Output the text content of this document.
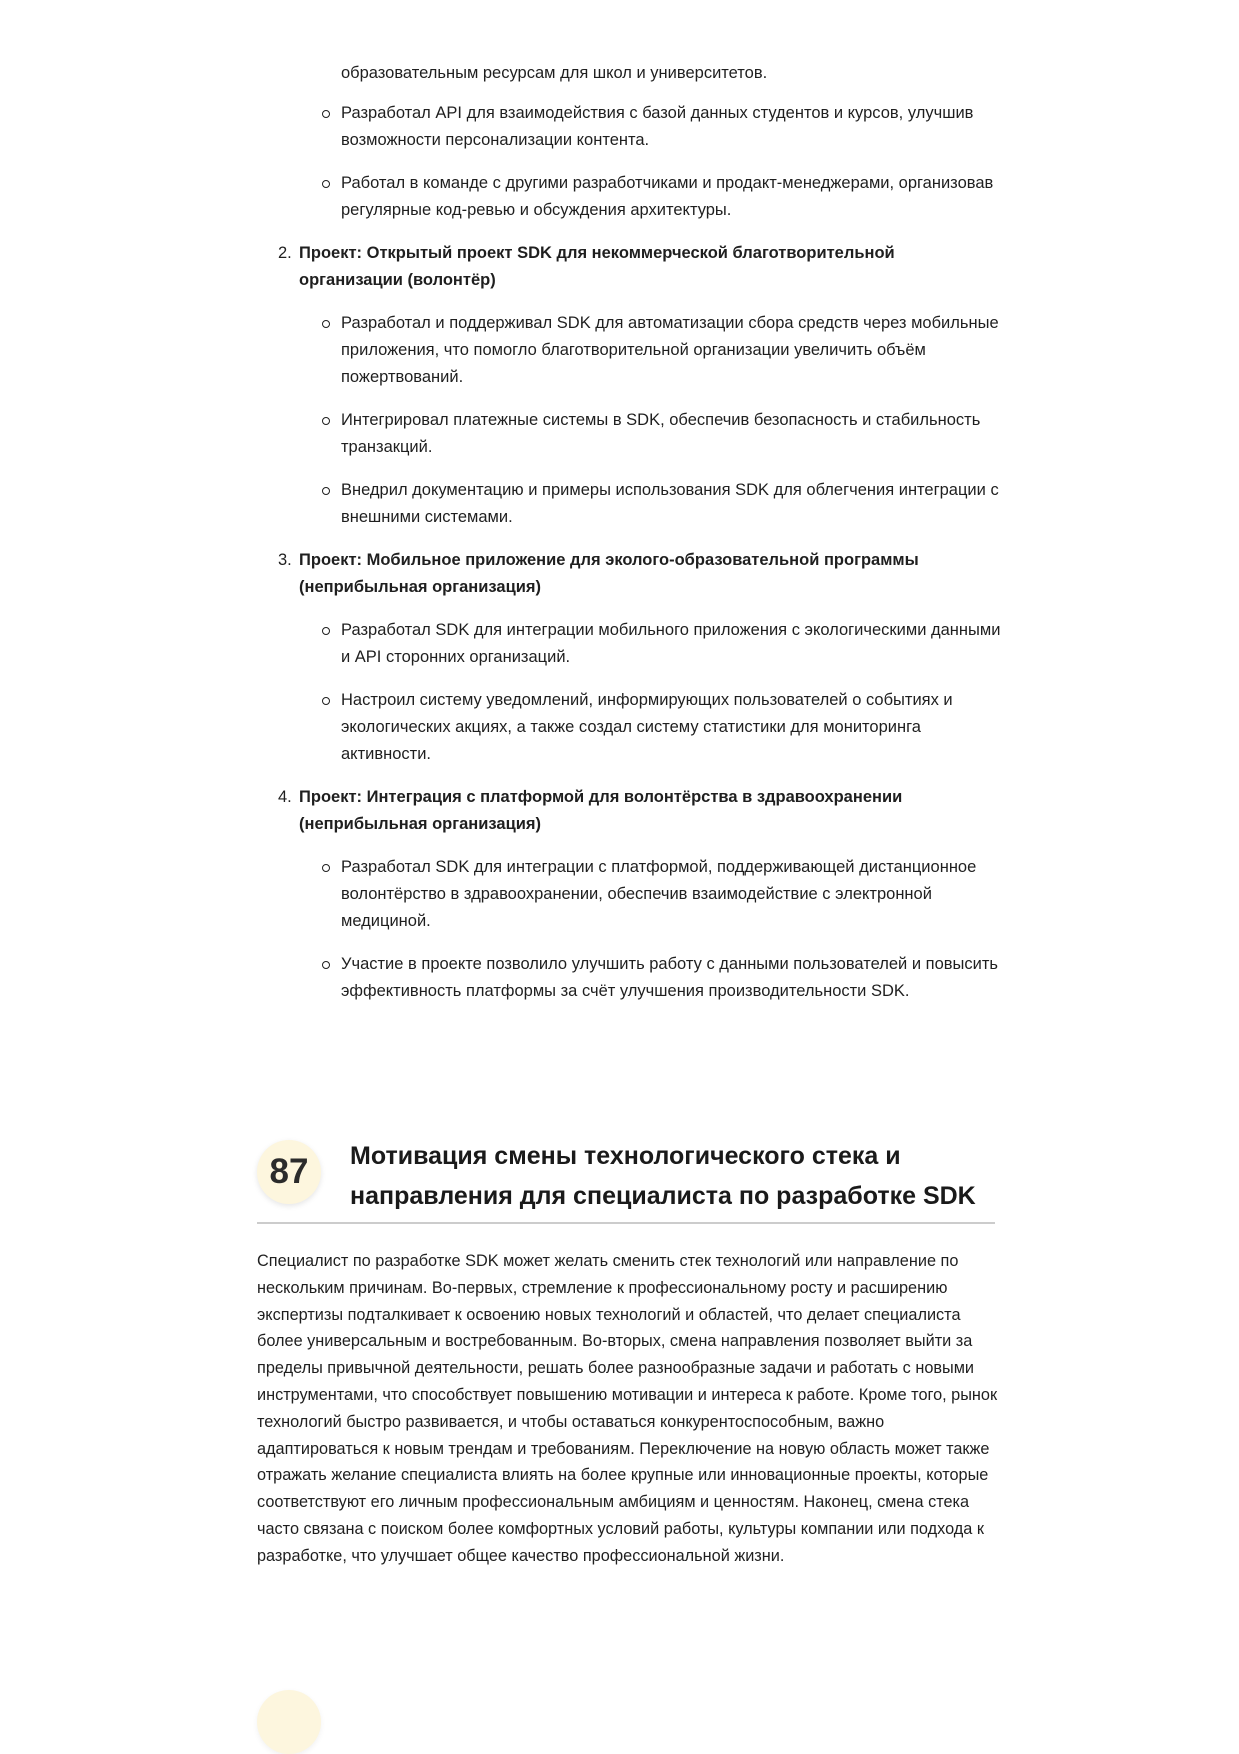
образовательным ресурсам для школ и университетов.

Разработал API для взаимодействия с базой данных студентов и курсов, улучшив возможности персонализации контента.

Работал в команде с другими разработчиками и продакт-менеджерами, организовав регулярные код-ревью и обсуждения архитектуры.

2. Проект: Открытый проект SDK для некоммерческой благотворительной организации (волонтёр)

Разработал и поддерживал SDK для автоматизации сбора средств через мобильные приложения, что помогло благотворительной организации увеличить объём пожертвований.

Интегрировал платежные системы в SDK, обеспечив безопасность и стабильность транзакций.

Внедрил документацию и примеры использования SDK для облегчения интеграции с внешними системами.

3. Проект: Мобильное приложение для эколого-образовательной программы (неприбыльная организация)

Разработал SDK для интеграции мобильного приложения с экологическими данными и API сторонних организаций.

Настроил систему уведомлений, информирующих пользователей о событиях и экологических акциях, а также создал систему статистики для мониторинга активности.

4. Проект: Интеграция с платформой для волонтёрства в здравоохранении (неприбыльная организация)

Разработал SDK для интеграции с платформой, поддерживающей дистанционное волонтёрство в здравоохранении, обеспечив взаимодействие с электронной медициной.

Участие в проекте позволило улучшить работу с данными пользователей и повысить эффективность платформы за счёт улучшения производительности SDK.

87	Мотивация смены технологического стека и направления для специалиста по разработке SDK

Специалист по разработке SDK может желать сменить стек технологий или направление по нескольким причинам. Во-первых, стремление к профессиональному росту и расширению экспертизы подталкивает к освоению новых технологий и областей, что делает специалиста более универсальным и востребованным. Во-вторых, смена направления позволяет выйти за пределы привычной деятельности, решать более разнообразные задачи и работать с новыми инструментами, что способствует повышению мотивации и интереса к работе. Кроме того, рынок технологий быстро развивается, и чтобы оставаться конкурентоспособным, важно адаптироваться к новым трендам и требованиям. Переключение на новую область может также отражать желание специалиста влиять на более крупные или инновационные проекты, которые соответствуют его личным профессиональным амбициям и ценностям. Наконец, смена стека часто связана с поиском более комфортных условий работы, культуры компании или подхода к разработке, что улучшает общее качество профессиональной жизни.
